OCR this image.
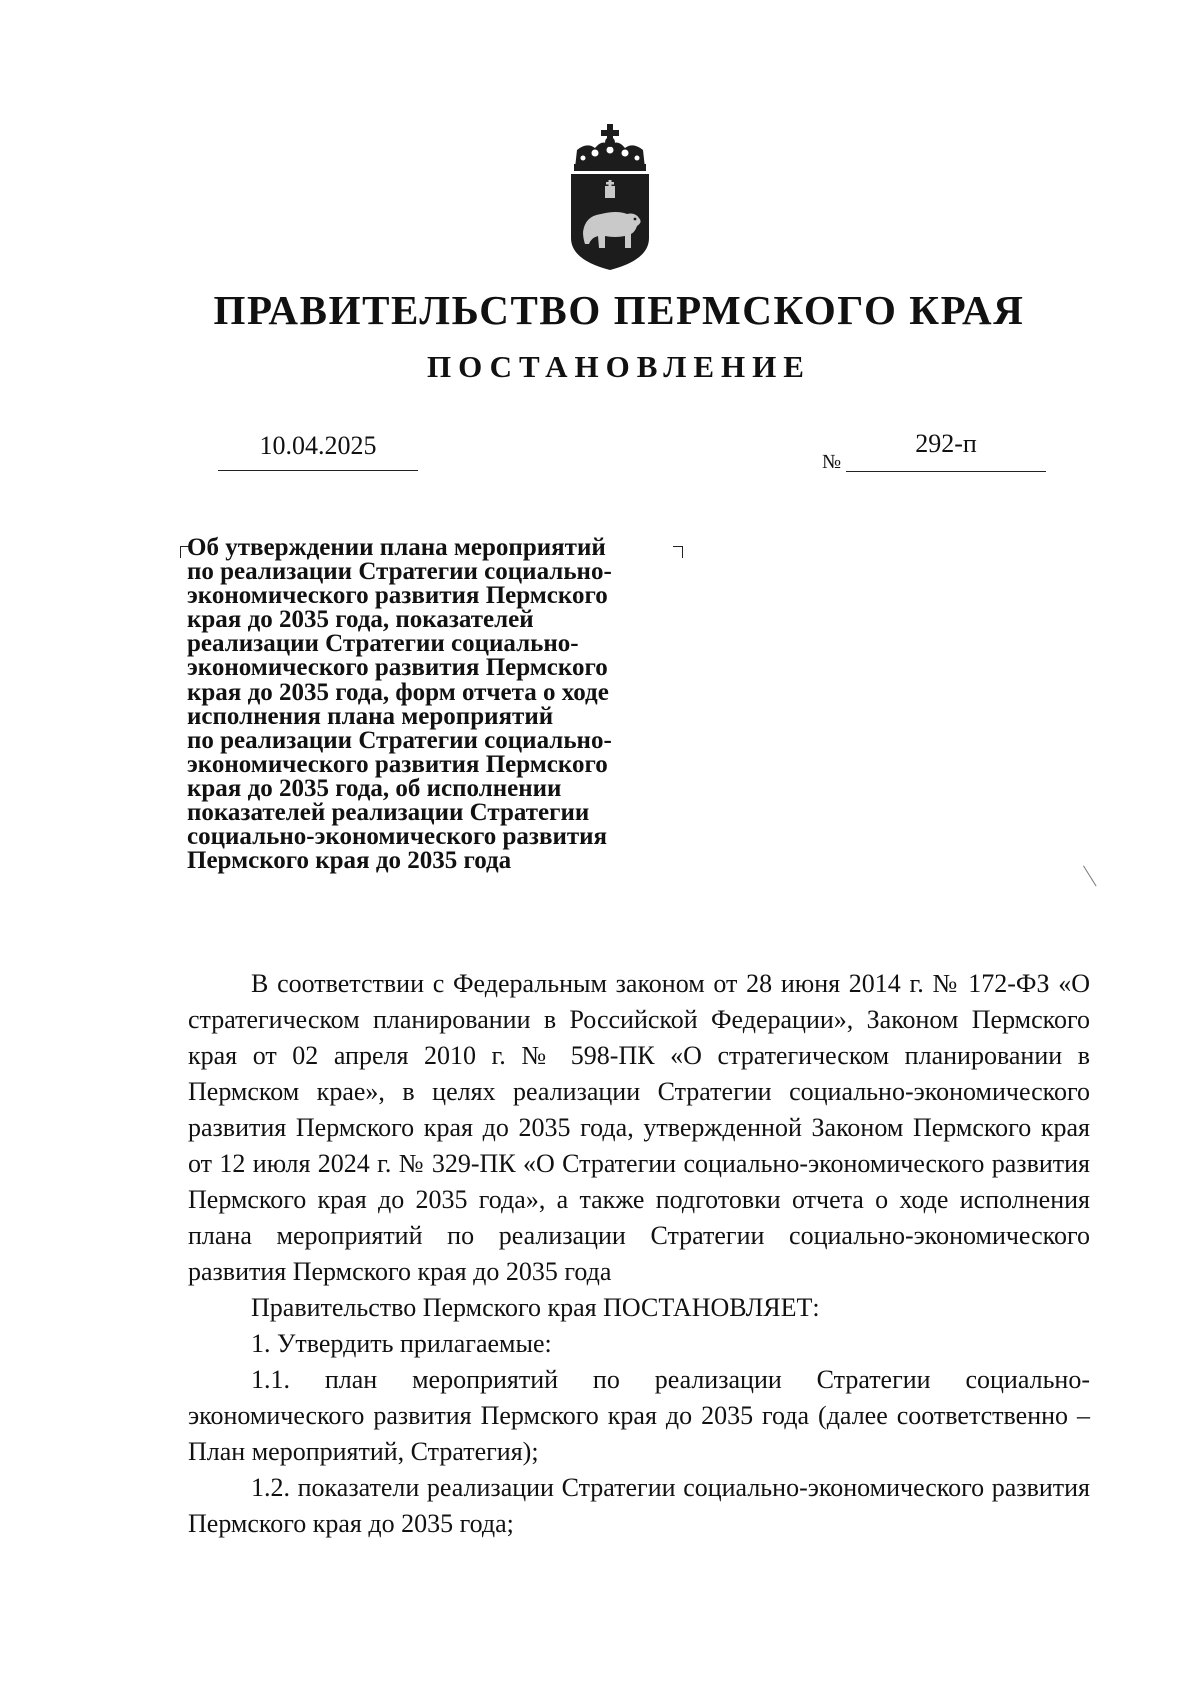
ПРАВИТЕЛЬСТВО ПЕРМСКОГО КРАЯ
ПОСТАНОВЛЕНИЕ
10.04.2025
№
292-п
Об утверждении плана мероприятий
по реализации Стратегии социально-
экономического развития Пермского
края до 2035 года, показателей
реализации Стратегии социально-
экономического развития Пермского
края до 2035 года, форм отчета о ходе
исполнения плана мероприятий
по реализации Стратегии социально-
экономического развития Пермского
края до 2035 года, об исполнении
показателей реализации Стратегии
социально-экономического развития
Пермского края до 2035 года

В соответствии с Федеральным законом от 28 июня 2014 г. № 172-ФЗ «О стратегическом планировании в Российской Федерации», Законом Пермского края от 02 апреля 2010 г. № 598-ПК «О стратегическом планировании в Пермском крае», в целях реализации Стратегии социально-экономического развития Пермского края до 2035 года, утвержденной Законом Пермского края от 12 июля 2024 г. № 329-ПК «О Стратегии социально-экономического развития Пермского края до 2035 года», а также подготовки отчета о ходе исполнения плана мероприятий по реализации Стратегии социально-экономического развития Пермского края до 2035 года

Правительство Пермского края ПОСТАНОВЛЯЕТ:

1. Утвердить прилагаемые:

1.1. план мероприятий по реализации Стратегии социально-экономического развития Пермского края до 2035 года (далее соответственно – План мероприятий, Стратегия);

1.2. показатели реализации Стратегии социально-экономического развития Пермского края до 2035 года;
